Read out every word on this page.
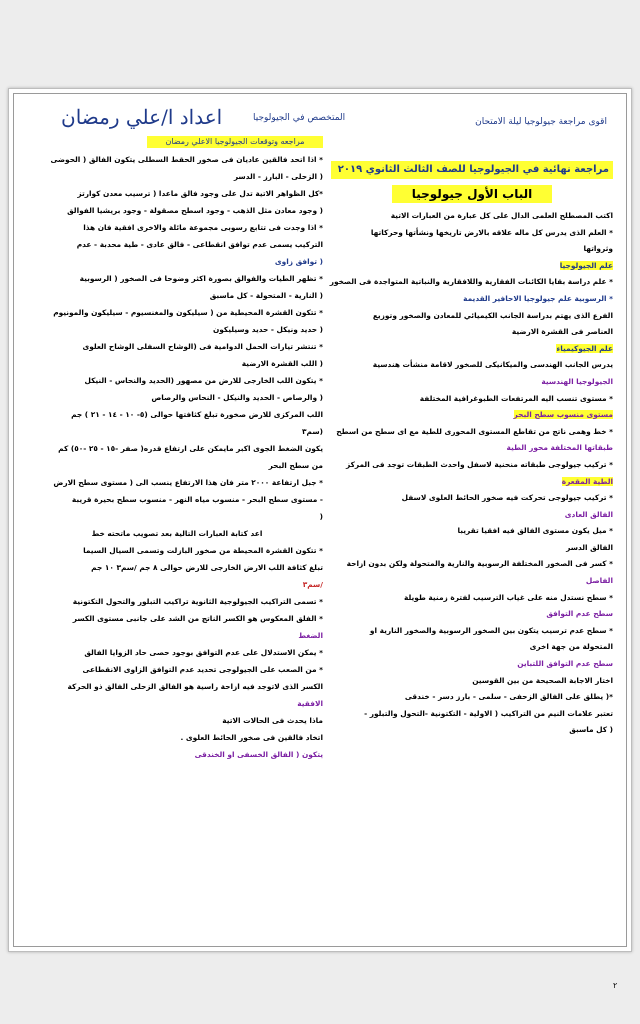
اعداد ا/علي رمضان	المتخصص في الجيولوجيا	اقوى مراجعة جيولوجيا ليلة الامتحان
مراجعه وتوقعات الجيولوجيا الاعلي رمضان
مراجعة نهائية في الجيولوجيا للصف الثالث الثانوي ٢٠١٩
الباب الأول جيولوجيا
اكتب المصطلح العلمى الدال على كل عبارة من العبارات الاتية
* العلم الذى يدرس كل ماله علاقه بالارض تاريخها ونشأتها وحركاتها
وثرواتها
علم الجيولوجيا
* علم دراسة بقايا الكائنات الفقارية واللافقارية والنباتية المتواجدة فى الصخور
* الرسوبية علم جيولوجيا الاحافير القديمة
الفرع الذى يهتم بدراسة الجانب الكيميائي للمعادن والصخور وتوزيع
العناصر فى القشرة الارضية
علم الجيوكيمياء
يدرس الجانب الهندسى والميكانيكى للصخور لاقامة منشأت هندسية
الجيولوجيا الهندسية
* مستوى تنسب اليه المرتفعات الطبوغرافية المختلفة
مستوى منسوب سطح البحر
* خط وهمى ناتج من تقاطع المستوى المحورى للطية مع اى سطح من اسطح
طبقاتها المختلفة محور الطية
* تركيب جيولوجى طبقاته منحنية لاسفل واحدث الطبقات توجد فى المركز
الطية المقعرة
* تركيب جيولوجى تحركت فيه صخور الحائط العلوى لاسفل
الفالق العادى
* ميل يكون مستوى الفالق فيه افقيا تقريبا
الفالق الدسر
* كسر فى الصخور المختلفة الرسوبية والنارية والمتحولة ولكن بدون ازاحة
الفاصل
* سطح نستدل منه على غياب الترسيب لفترة زمنية طويلة
سطح عدم التوافق
* سطح عدم ترسيب يتكون بين الصخور الرسوبية والصخور النارية او
المتحولة من جهة اخرى
سطح عدم التوافق اللتباين
اختار الاجابة الصحيحة من بين القوسين
*( يطلق على الفالق الزحفى - سلمى - بارز دسر - خندقى
تعتبر علامات النيم من التراكيب ( الاولية - التكتونية -التحول والتبلور -
( كل ماسبق
* اذا اتحد فالقين عاديان فى صخور الحقط السطلى يتكون الفالق ( الحوضى
( الزحلى - البارز - الدسر
*كل الظواهر الاتية تدل على وجود فالق ماعدا ( ترسيب معدن كوارتز
( وجود معادن مثل الذهب - وجود اسطح مصقولة - وجود بريشيا الفوالق
* اذا وجدت فى تتابع رسوبى مجموعة مائلة والاخرى افقية فان هذا
التركيب يسمى عدم توافق انقطاعى - فالق عادى - طية محدبة - عدم
( توافق زاوى
* تظهر الطيات والفوالق بصورة اكثر وضوحا فى الصخور ( الرسوبية
( النارية - المتحولة - كل ماسبق
* تتكون القشرة المحيطية من ( سيليكون والمغنسيوم - سيليكون والمونيوم
( حديد ونيكل - حديد وسيليكون
* تنتشر تيارات الحمل الدوامية فى (الوشاح السفلى الوشاح العلوى
( اللب القشرة الارضية
* يتكون اللب الخارجى للارض من مصهور (الحديد والنحاس - النيكل
( والرصاص - الحديد والنيكل - النحاس والرصاص
اللب المركزى للارض صخورة تبلغ كثافتها حوالى (٥- ١٠ - ١٤ - ٢١ ) جم
(سم٣
يكون الضغط الجوى اكبر مايمكن على ارتفاع قدره( صفر -١٥ - ٢٥ -٥٠) كم
من سطح البحر
* جبل ارتفاعة ٢٠٠٠ متر فان هذا الارتفاع ينسب الى ( مستوى سطح الارض
- مستوى سطح البحر - منسوب مياه النهر - منسوب سطح بحيرة قريبة
(
اعد كتابة العبارات التالية بعد تصويب ماتحته خط
* تتكون القشرة المحيطة من صخور البازلت وتسمى السيال السيما
تبلغ كثافة اللب الارض الخارجى للارض حوالى ٨ جم /سم٣ ١٠ جم
/سم٣
* تسمى التراكيب الجيولوجية الثانوية تراكيب التبلور والتحول التكتونية
* الفلق المعكوس هو الكسر الناتج من الشد على جانبى مستوى الكسر
الضغط
* يمكن الاستدلال على عدم التوافق بوجود حصى حاد الزوايا الفالق
* من الصعب على الجيولوجى تحديد عدم التوافق الزاوى الانقطاعى
الكسر الذى لاتوجد فيه ازاحة راسية هو الفالق الزحلى الفالق ذو الحركة
الافقية
ماذا يحدث فى الحالات الاتية
اتخاد فالقين فى صخور الحائط العلوى .
يتكون ( الفالق الخسفى او الخندقى
٢
